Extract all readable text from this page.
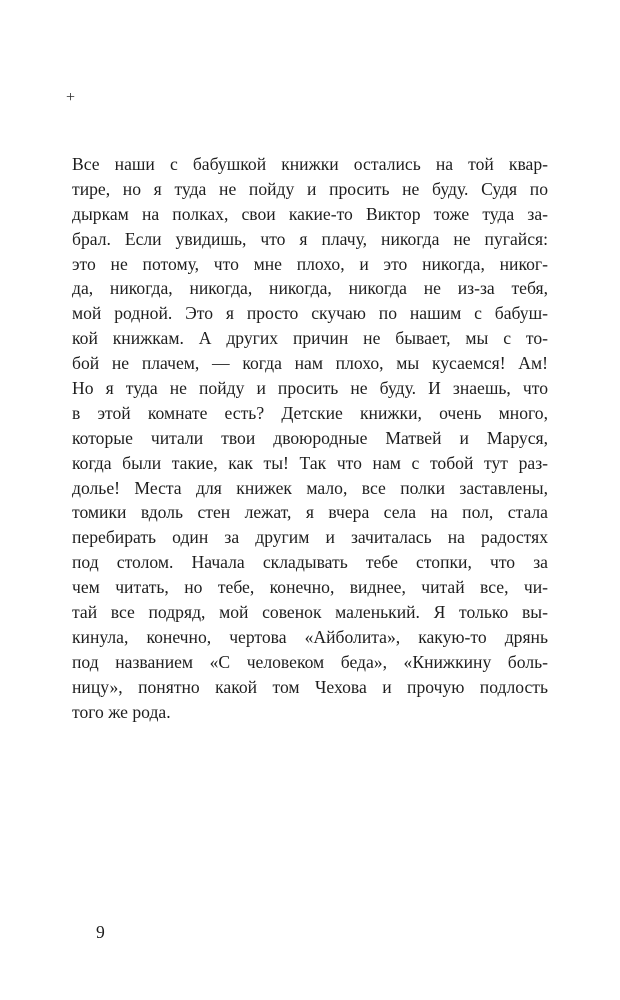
+
Все наши с бабушкой книжки остались на той квар-
тире, но я туда не пойду и просить не буду. Судя по
дыркам на полках, свои какие-то Виктор тоже туда за-
брал. Если увидишь, что я плачу, никогда не пугайся:
это не потому, что мне плохо, и это никогда, никог-
да, никогда, никогда, никогда, никогда не из-за тебя,
мой родной. Это я просто скучаю по нашим с бабуш-
кой книжкам. А других причин не бывает, мы с то-
бой не плачем, — когда нам плохо, мы кусаемся! Ам!
Но я туда не пойду и просить не буду. И знаешь, что
в этой комнате есть? Детские книжки, очень много,
которые читали твои двоюродные Матвей и Маруся,
когда были такие, как ты! Так что нам с тобой тут раз-
долье! Места для книжек мало, все полки заставлены,
томики вдоль стен лежат, я вчера села на пол, стала
перебирать один за другим и зачиталась на радостях
под столом. Начала складывать тебе стопки, что за
чем читать, но тебе, конечно, виднее, читай все, чи-
тай все подряд, мой совенок маленький. Я только вы-
кинула, конечно, чертова «Айболита», какую-то дрянь
под названием «С человеком беда», «Книжкину боль-
ницу», понятно какой том Чехова и прочую подлость
того же рода.
9
